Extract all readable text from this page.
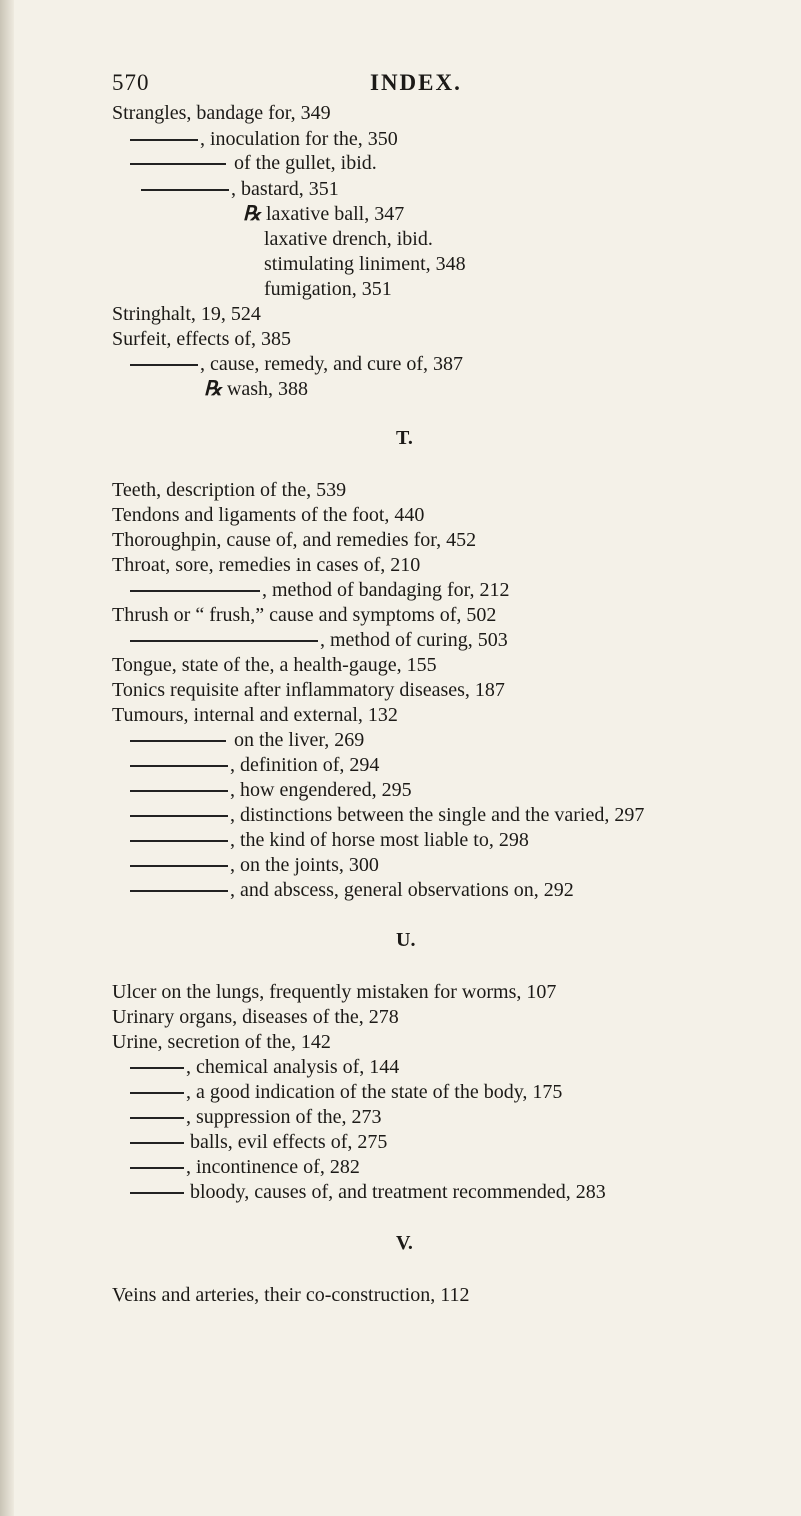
570	INDEX.
Strangles, bandage for, 349
, inoculation for the, 350
of the gullet, ibid.
, bastard, 351
℞ laxative ball, 347
laxative drench, ibid.
stimulating liniment, 348
fumigation, 351
Stringhalt, 19, 524
Surfeit, effects of, 385
, cause, remedy, and cure of, 387
℞ wash, 388
T.
Teeth, description of the, 539
Tendons and ligaments of the foot, 440
Thoroughpin, cause of, and remedies for, 452
Throat, sore, remedies in cases of, 210
, method of bandaging for, 212
Thrush or “ frush,” cause and symptoms of, 502
, method of curing, 503
Tongue, state of the, a health-gauge, 155
Tonics requisite after inflammatory diseases, 187
Tumours, internal and external, 132
on the liver, 269
, definition of, 294
, how engendered, 295
, distinctions between the single and the varied, 297
, the kind of horse most liable to, 298
, on the joints, 300
, and abscess, general observations on, 292
U.
Ulcer on the lungs, frequently mistaken for worms, 107
Urinary organs, diseases of the, 278
Urine, secretion of the, 142
, chemical analysis of, 144
, a good indication of the state of the body, 175
, suppression of the, 273
balls, evil effects of, 275
, incontinence of, 282
bloody, causes of, and treatment recommended, 283
V.
Veins and arteries, their co-construction, 112
